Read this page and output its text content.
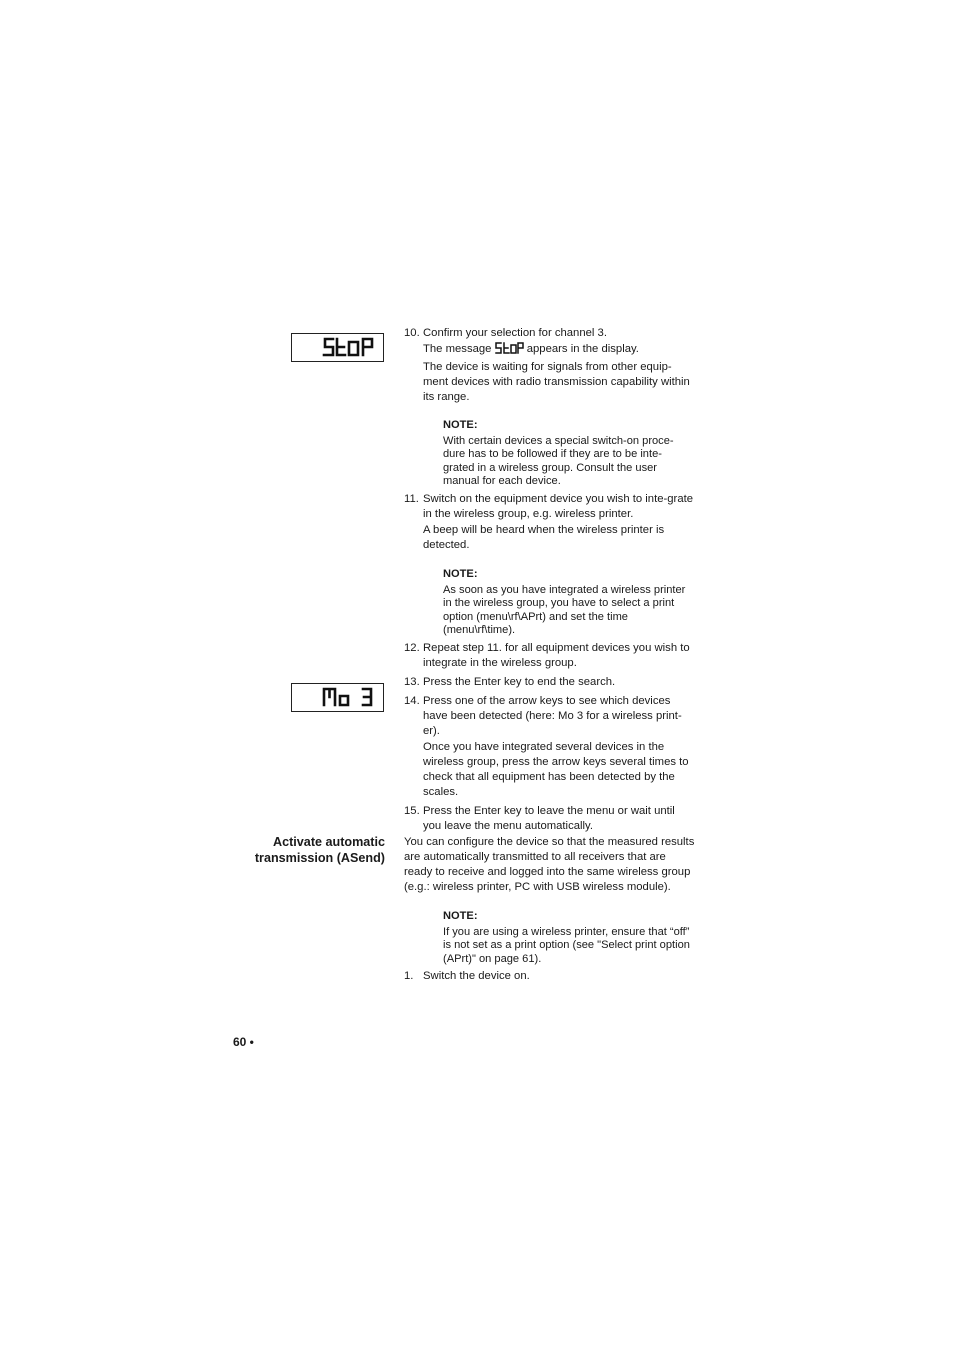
10. Confirm your selection for channel 3.

The message	appears in the display.

The device is waiting for signals from other equip-ment devices with radio transmission capability within its range.

NOTE:

With certain devices a special switch-on proce-dure has to be followed if they are to be inte-grated in a wireless group. Consult the user manual for each device.

11. Switch on the equipment device you wish to inte-grate in the wireless group, e.g. wireless printer.

A beep will be heard when the wireless printer is detected.

NOTE:

As soon as you have integrated a wireless printer in the wireless group, you have to select a print option (menu\rf\APrt) and set the time (menu\rf\time).

12. Repeat step 11. for all equipment devices you wish to integrate in the wireless group.

13. Press the Enter key to end the search.

14. Press one of the arrow keys to see which devices have been detected (here: Mo 3 for a wireless print-er).

Once you have integrated several devices in the wireless group, press the arrow keys several times to check that all equipment has been detected by the scales.

15. Press the Enter key to leave the menu or wait until you leave the menu automatically.

Activate automatic
transmission (ASend)

You can configure the device so that the measured results are automatically transmitted to all receivers that are ready to receive and logged into the same wireless group (e.g.: wireless printer, PC with USB wireless module).

NOTE:

If you are using a wireless printer, ensure that “off” is not set as a print option (see "Select print option (APrt)" on page 61).

1. Switch the device on.

60 •
